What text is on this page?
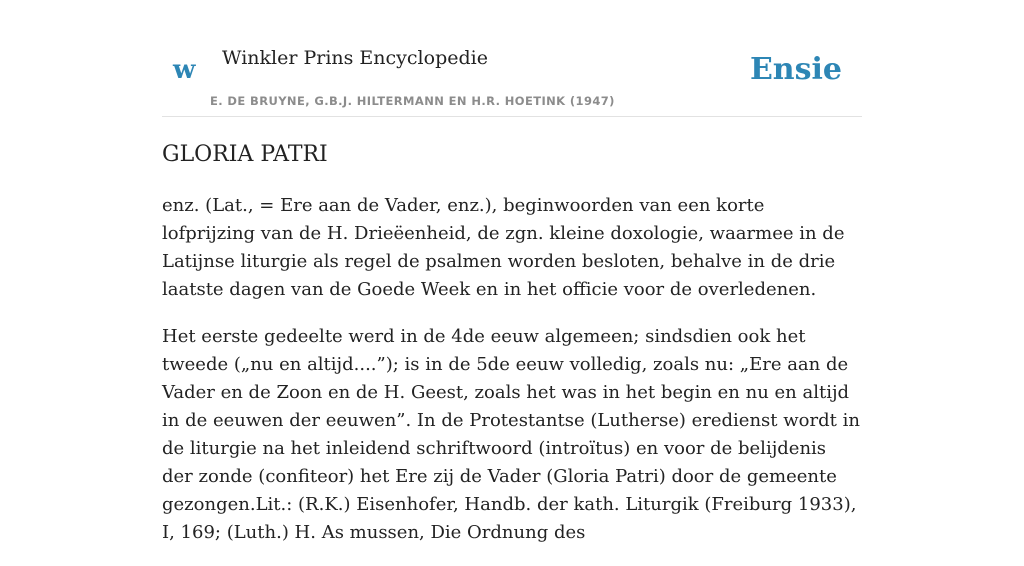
w Winkler Prins Encyclopedie
E. DE BRUYNE, G.B.J. HILTERMANN EN H.R. HOETINK (1947)
Ensie
GLORIA PATRI

enz. (Lat., = Ere aan de Vader, enz.), beginwoorden van een korte lofprijzing van de H. Drieëenheid, de zgn. kleine doxologie, waarmee in de Latijnse liturgie als regel de psalmen worden besloten, behalve in de drie laatste dagen van de Goede Week en in het officie voor de overledenen.

Het eerste gedeelte werd in de 4de eeuw algemeen; sindsdien ook het tweede („nu en altijd....”); is in de 5de eeuw volledig, zoals nu: „Ere aan de Vader en de Zoon en de H. Geest, zoals het was in het begin en nu en altijd in de eeuwen der eeuwen”. In de Protestantse (Lutherse) eredienst wordt in de liturgie na het inleidend schriftwoord (introïtus) en voor de belijdenis der zonde (confiteor) het Ere zij de Vader (Gloria Patri) door de gemeente gezongen.Lit.: (R.K.) Eisenhofer, Handb. der kath. Liturgik (Freiburg 1933), I, 169; (Luth.) H. As mussen, Die Ordnung des
